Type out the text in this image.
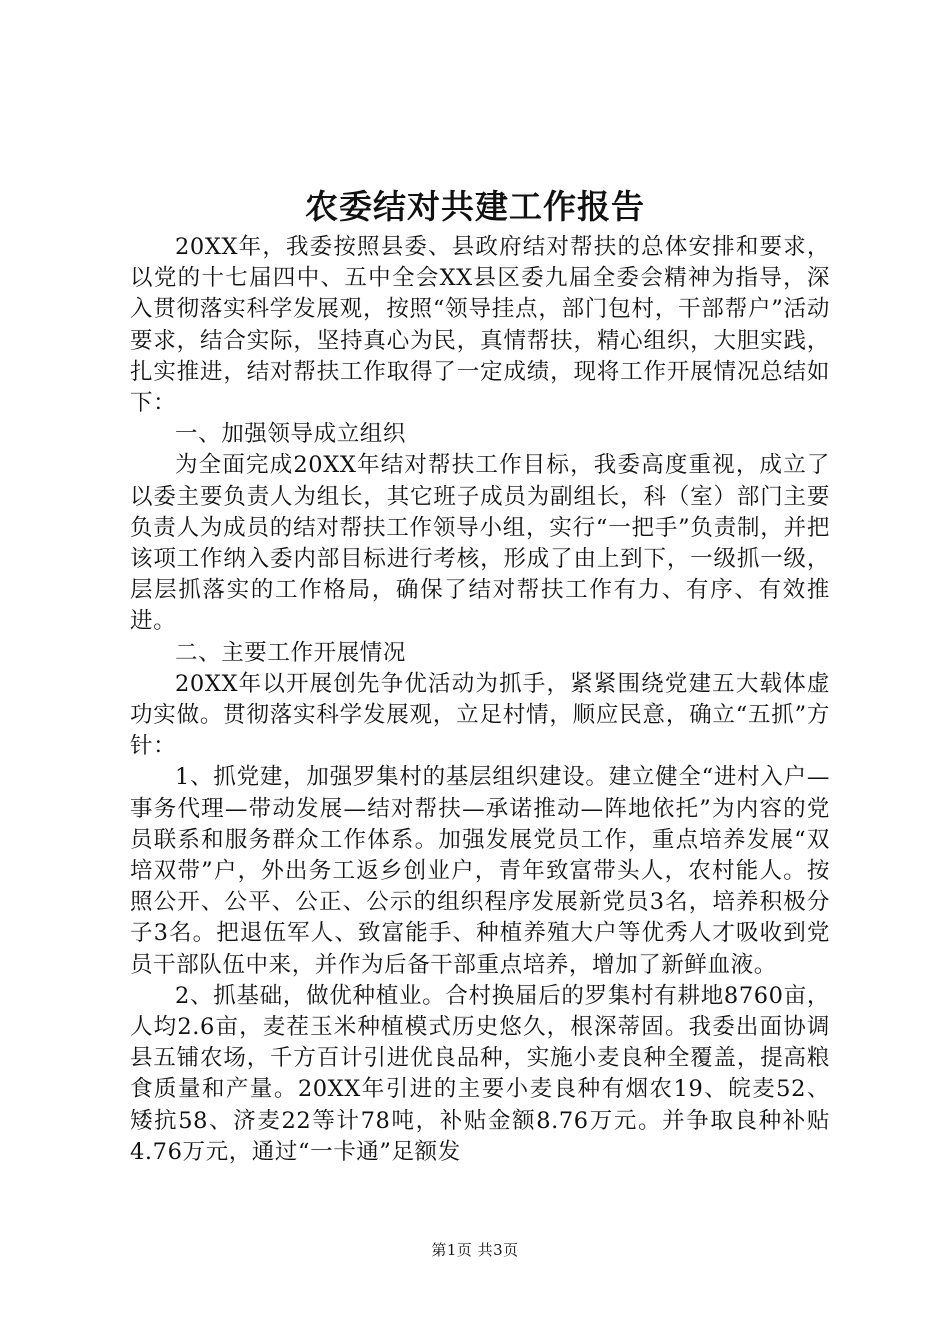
农委结对共建工作报告

20XX年，我委按照县委、县政府结对帮扶的总体安排和要求，以党的十七届四中、五中全会XX县区委九届全委会精神为指导，深入贯彻落实科学发展观，按照“领导挂点，部门包村，干部帮户”活动要求，结合实际，坚持真心为民，真情帮扶，精心组织，大胆实践，扎实推进，结对帮扶工作取得了一定成绩，现将工作开展情况总结如下：

一、加强领导成立组织

为全面完成20XX年结对帮扶工作目标，我委高度重视，成立了以委主要负责人为组长，其它班子成员为副组长，科（室）部门主要负责人为成员的结对帮扶工作领导小组，实行“一把手”负责制，并把该项工作纳入委内部目标进行考核，形成了由上到下，一级抓一级，层层抓落实的工作格局，确保了结对帮扶工作有力、有序、有效推进。

二、主要工作开展情况

20XX年以开展创先争优活动为抓手，紧紧围绕党建五大载体虚功实做。贯彻落实科学发展观，立足村情，顺应民意，确立“五抓”方针：

1、抓党建，加强罗集村的基层组织建设。建立健全“进村入户—事务代理—带动发展—结对帮扶—承诺推动—阵地依托”为内容的党员联系和服务群众工作体系。加强发展党员工作，重点培养发展“双培双带”户，外出务工返乡创业户，青年致富带头人，农村能人。按照公开、公平、公正、公示的组织程序发展新党员3名，培养积极分子3名。把退伍军人、致富能手、种植养殖大户等优秀人才吸收到党员干部队伍中来，并作为后备干部重点培养，增加了新鲜血液。

2、抓基础，做优种植业。合村换届后的罗集村有耕地8760亩，人均2.6亩，麦茬玉米种植模式历史悠久，根深蒂固。我委出面协调县五铺农场，千方百计引进优良品种，实施小麦良种全覆盖，提高粮食质量和产量。20XX年引进的主要小麦良种有烟农19、皖麦52、矮抗58、济麦22等计78吨，补贴金额8.76万元。并争取良种补贴4.76万元，通过“一卡通”足额发

第1页 共3页
